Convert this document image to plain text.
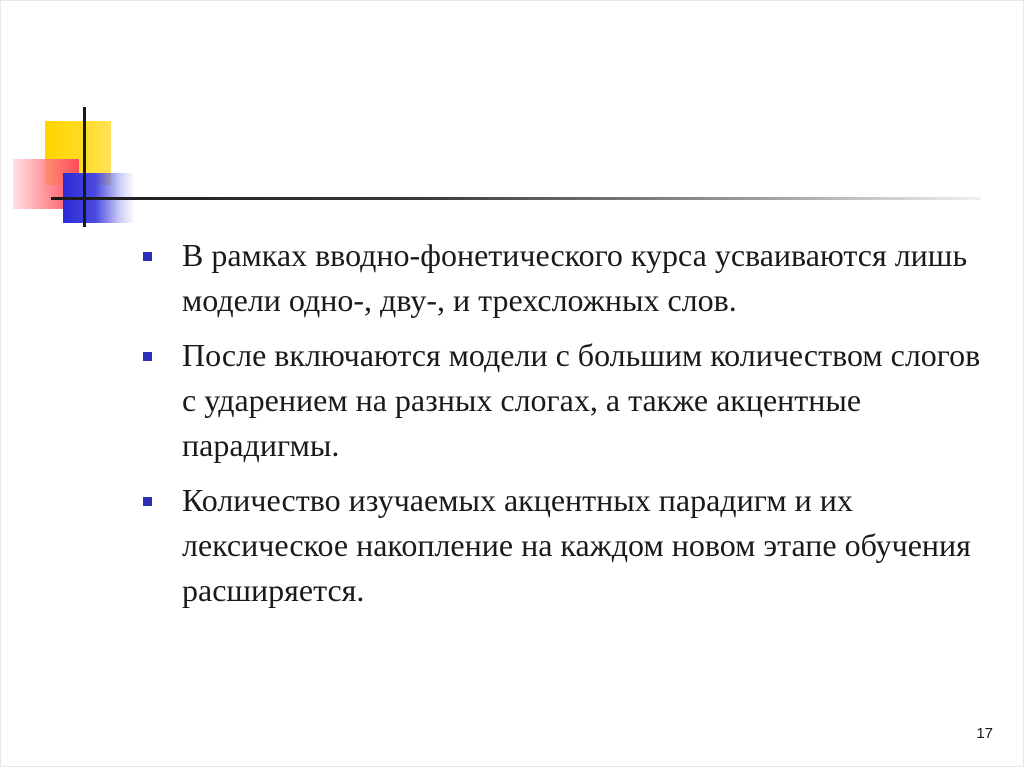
В рамках вводно-фонетического курса усваиваются лишь модели одно-, дву-, и трехсложных слов.
После включаются модели с большим количеством слогов с ударением на разных слогах, а также акцентные парадигмы.
Количество изучаемых акцентных парадигм и их лексическое накопление на каждом новом этапе обучения расширяется.
17
